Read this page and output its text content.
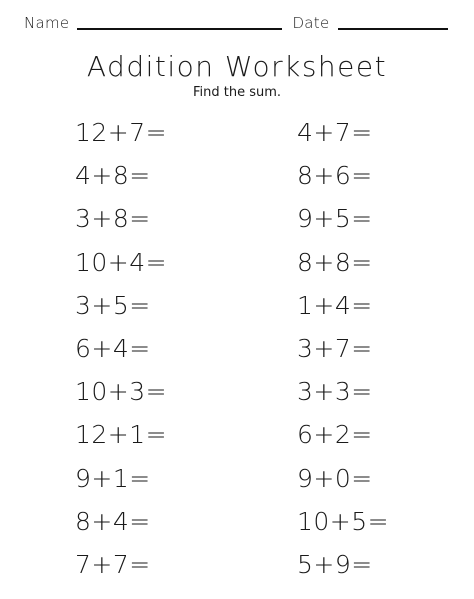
Name	Date
Addition Worksheet
Find the sum.
12+7=	4+7=
4+8=	8+6=
3+8=	9+5=
10+4=	8+8=
3+5=	1+4=
6+4=	3+7=
10+3=	3+3=
12+1=	6+2=
9+1=	9+0=
8+4=	10+5=
7+7=	5+9=
